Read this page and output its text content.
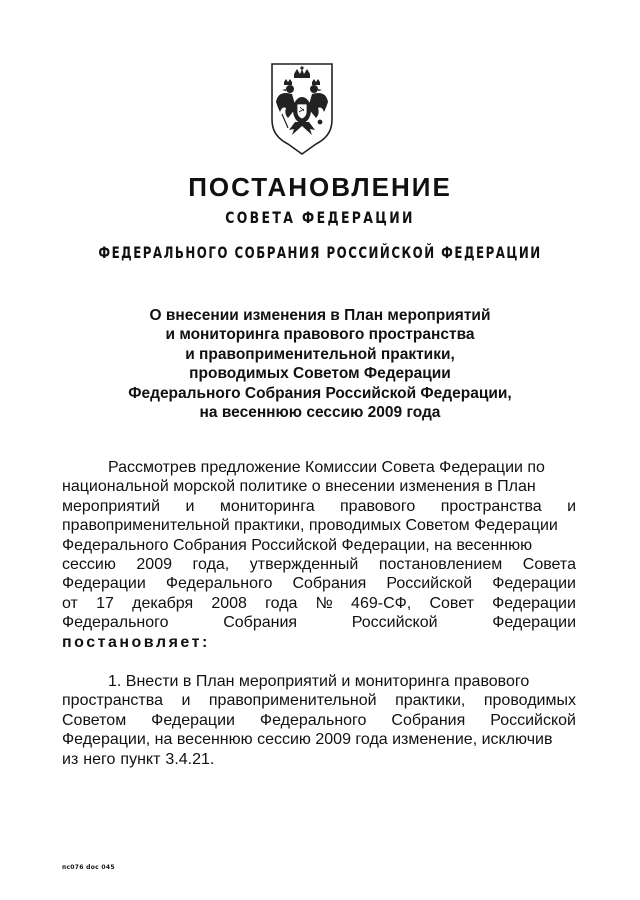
ПОСТАНОВЛЕНИЕ
СОВЕТА ФЕДЕРАЦИИ
ФЕДЕРАЛЬНОГО СОБРАНИЯ РОССИЙСКОЙ ФЕДЕРАЦИИ
О внесении изменения в План мероприятий
и мониторинга правового пространства
и правоприменительной практики,
проводимых Советом Федерации
Федерального Собрания Российской Федерации,
на весеннюю сессию 2009 года
Рассмотрев предложение Комиссии Совета Федерации по
национальной морской политике о внесении изменения в План
мероприятий и мониторинга правового пространства и
правоприменительной практики, проводимых Советом Федерации
Федерального Собрания Российской Федерации, на весеннюю
сессию 2009 года, утвержденный постановлением Совета
Федерации Федерального Собрания Российской Федерации
от 17 декабря 2008 года № 469-СФ, Совет Федерации
Федерального	Собрания	Российской	Федерации
постановляет:
1. Внести в План мероприятий и мониторинга правового
пространства и правоприменительной практики, проводимых
Советом Федерации Федерального Собрания Российской
Федерации, на весеннюю сессию 2009 года изменение, исключив
из него пункт 3.4.21.
пс076 doc 045
